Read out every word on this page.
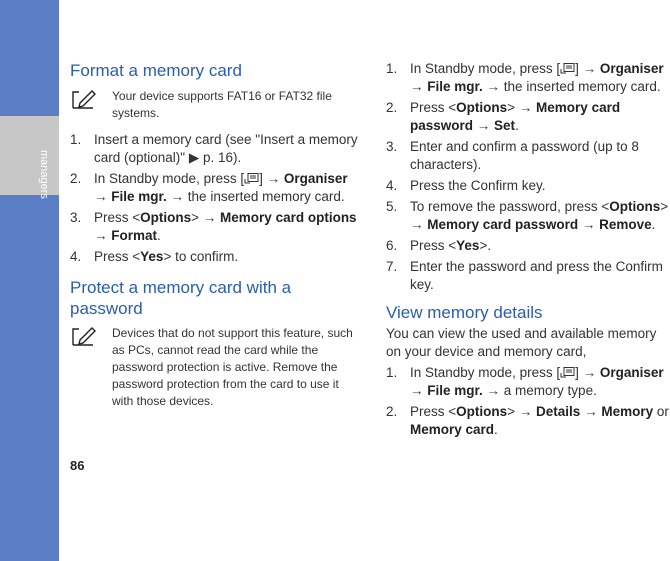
managers
86
Format a memory card
Your device supports FAT16 or FAT32 file systems.
1. Insert a memory card (see "Insert a memory card (optional)" ▶ p. 16).
2. In Standby mode, press [ ] → Organiser
→ File mgr. → the inserted memory card.
3. Press <Options> → Memory card options → Format.
4. Press <Yes> to confirm.
Protect a memory card with a
password
Devices that do not support this feature, such as PCs, cannot read the card while the password protection is active. Remove the password protection from the card to use it with those devices.
1. In Standby mode, press [ ] → Organiser
→ File mgr. → the inserted memory card.
2. Press <Options> → Memory card password → Set.
3. Enter and confirm a password (up to 8 characters).
4. Press the Confirm key.
5. To remove the password, press <Options> → Memory card password → Remove.
6. Press <Yes>.
7. Enter the password and press the Confirm key.
View memory details

You can view the used and available memory on your device and memory card,

1. In Standby mode, press [ ] → Organiser
→ File mgr. → a memory type.
2. Press <Options> → Details → Memory or Memory card.
